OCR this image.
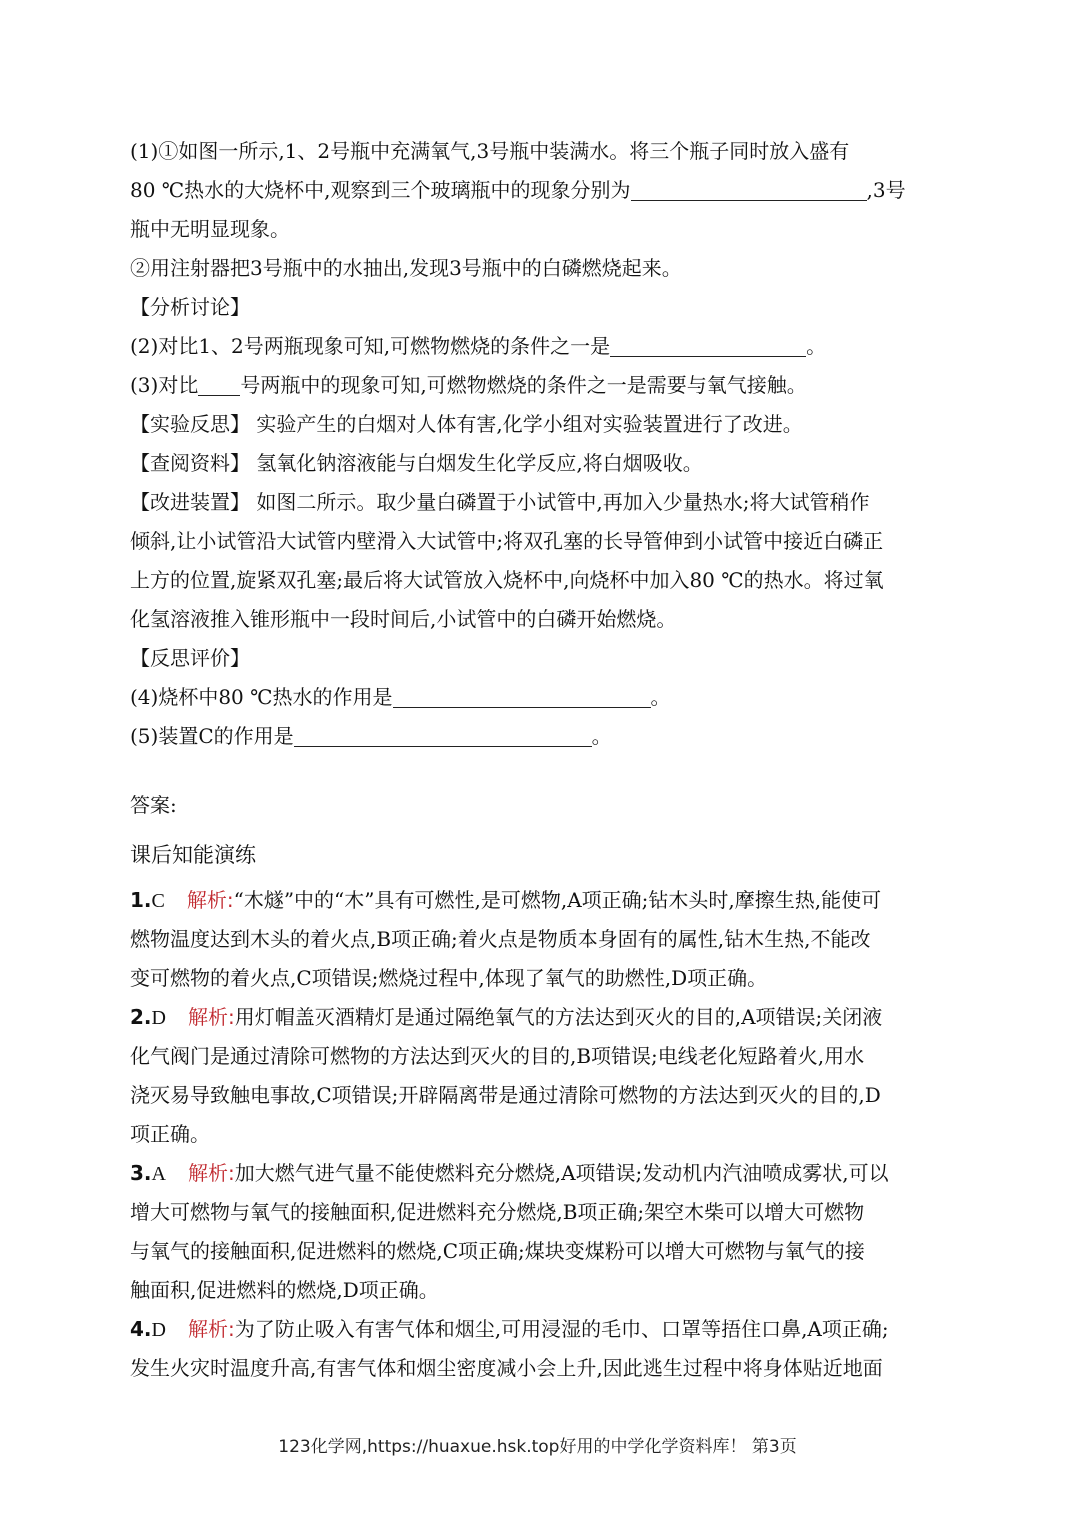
(1)①如图一所示,1、2号瓶中充满氧气,3号瓶中装满水。将三个瓶子同时放入盛有
80 ℃热水的大烧杯中,观察到三个玻璃瓶中的现象分别为	,3号
瓶中无明显现象。
②用注射器把3号瓶中的水抽出,发现3号瓶中的白磷燃烧起来。
【分析讨论】
(2)对比1、2号两瓶现象可知,可燃物燃烧的条件之一是	。
(3)对比 号两瓶中的现象可知,可燃物燃烧的条件之一是需要与氧气接触。
【实验反思】 实验产生的白烟对人体有害,化学小组对实验装置进行了改进。
【查阅资料】 氢氧化钠溶液能与白烟发生化学反应,将白烟吸收。
【改进装置】 如图二所示。取少量白磷置于小试管中,再加入少量热水;将大试管稍作
倾斜,让小试管沿大试管内壁滑入大试管中;将双孔塞的长导管伸到小试管中接近白磷正
上方的位置,旋紧双孔塞;最后将大试管放入烧杯中,向烧杯中加入80 ℃的热水。将过氧
化氢溶液推入锥形瓶中一段时间后,小试管中的白磷开始燃烧。
【反思评价】
(4)烧杯中80 ℃热水的作用是	。
(5)装置C的作用是	。
答案:
课后知能演练
1.C 解析:“木燧”中的“木”具有可燃性,是可燃物,A项正确;钻木头时,摩擦生热,能使可
燃物温度达到木头的着火点,B项正确;着火点是物质本身固有的属性,钻木生热,不能改
变可燃物的着火点,C项错误;燃烧过程中,体现了氧气的助燃性,D项正确。
2.D 解析:用灯帽盖灭酒精灯是通过隔绝氧气的方法达到灭火的目的,A项错误;关闭液
化气阀门是通过清除可燃物的方法达到灭火的目的,B项错误;电线老化短路着火,用水
浇灭易导致触电事故,C项错误;开辟隔离带是通过清除可燃物的方法达到灭火的目的,D
项正确。
3.A 解析:加大燃气进气量不能使燃料充分燃烧,A项错误;发动机内汽油喷成雾状,可以
增大可燃物与氧气的接触面积,促进燃料充分燃烧,B项正确;架空木柴可以增大可燃物
与氧气的接触面积,促进燃料的燃烧,C项正确;煤块变煤粉可以增大可燃物与氧气的接
触面积,促进燃料的燃烧,D项正确。
4.D 解析:为了防止吸入有害气体和烟尘,可用浸湿的毛巾、口罩等捂住口鼻,A项正确;
发生火灾时温度升高,有害气体和烟尘密度减小会上升,因此逃生过程中将身体贴近地面
123化学网,https://huaxue.hsk.top好用的中学化学资料库！ 第3页
